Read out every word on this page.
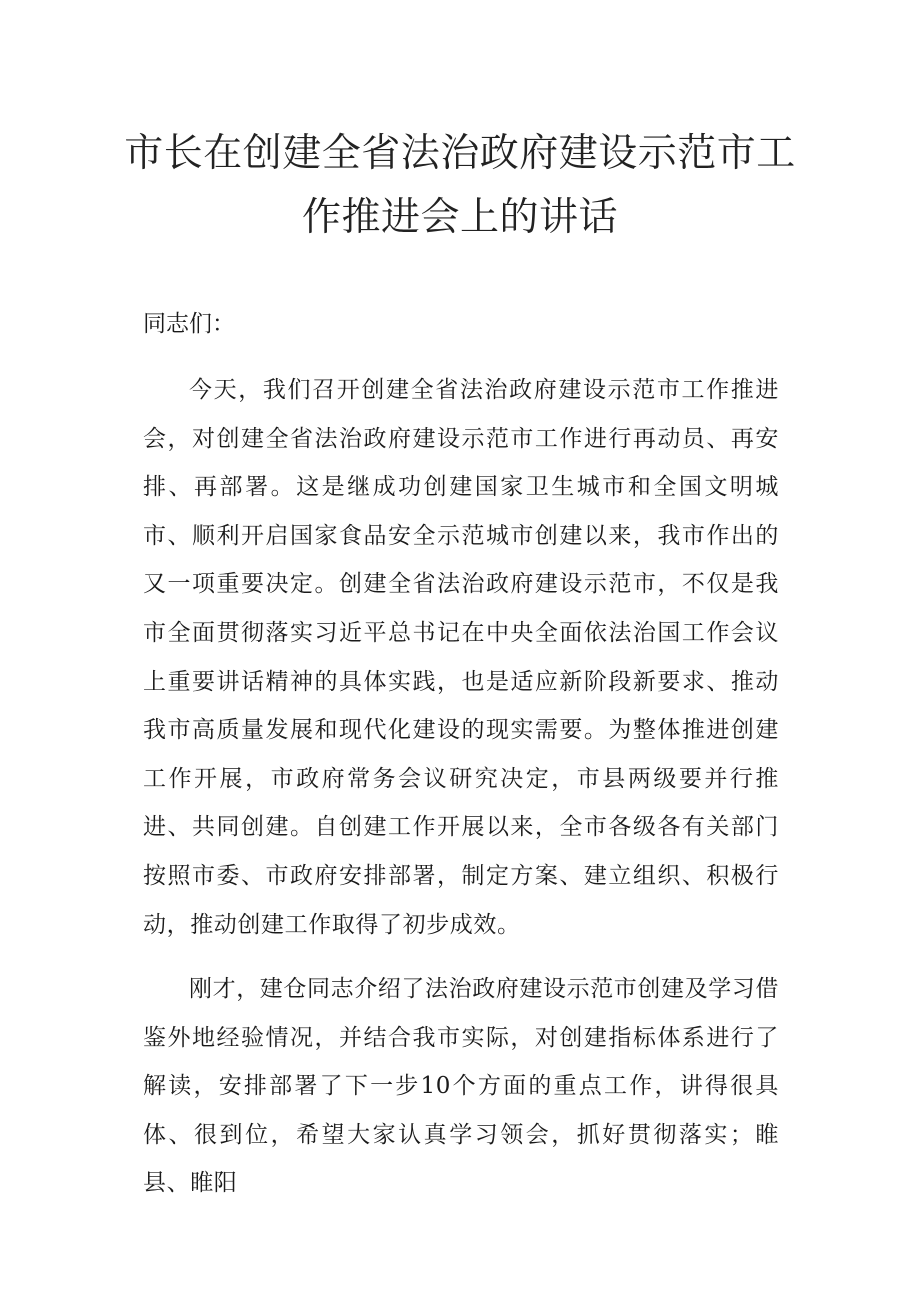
市长在创建全省法治政府建设示范市工作推进会上的讲话

同志们：

今天，我们召开创建全省法治政府建设示范市工作推进会，对创建全省法治政府建设示范市工作进行再动员、再安排、再部署。这是继成功创建国家卫生城市和全国文明城市、顺利开启国家食品安全示范城市创建以来，我市作出的又一项重要决定。创建全省法治政府建设示范市，不仅是我市全面贯彻落实习近平总书记在中央全面依法治国工作会议上重要讲话精神的具体实践，也是适应新阶段新要求、推动我市高质量发展和现代化建设的现实需要。为整体推进创建工作开展，市政府常务会议研究决定，市县两级要并行推进、共同创建。自创建工作开展以来，全市各级各有关部门按照市委、市政府安排部署，制定方案、建立组织、积极行动，推动创建工作取得了初步成效。

刚才，建仓同志介绍了法治政府建设示范市创建及学习借鉴外地经验情况，并结合我市实际，对创建指标体系进行了解读，安排部署了下一步10个方面的重点工作，讲得很具体、很到位，希望大家认真学习领会，抓好贯彻落实；睢县、睢阳
